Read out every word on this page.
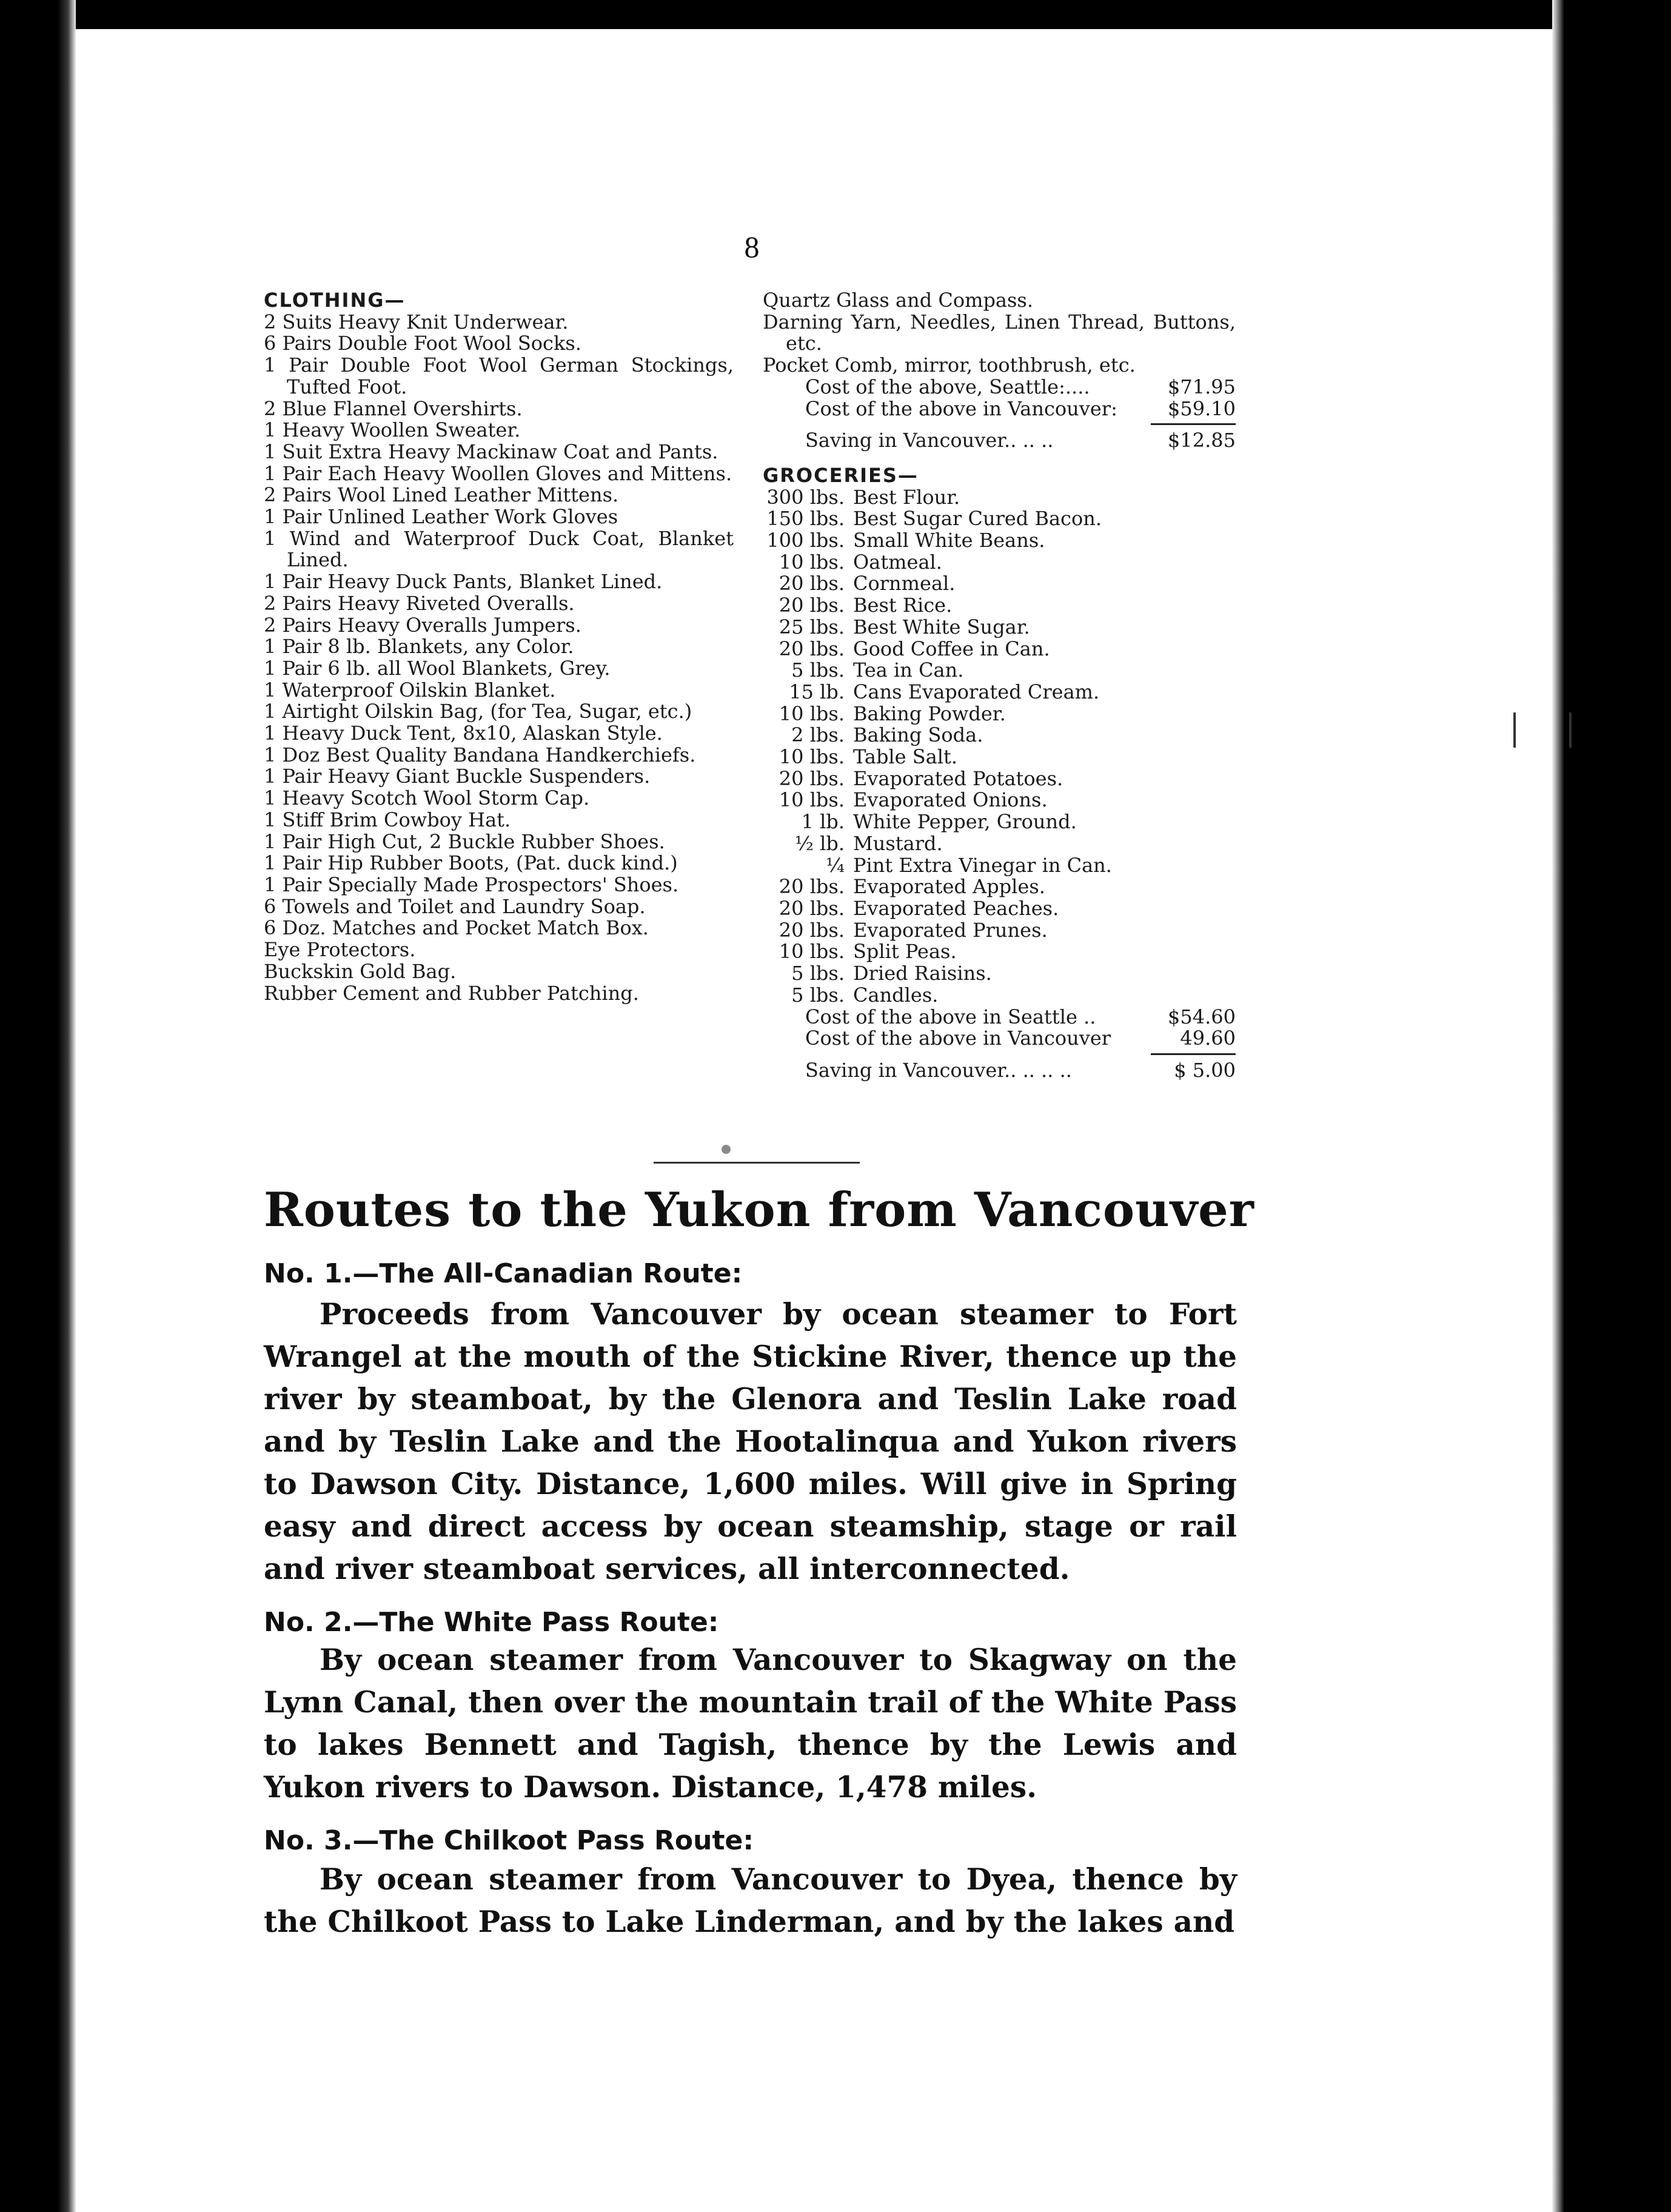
8
CLOTHING—
2 Suits Heavy Knit Underwear.
6 Pairs Double Foot Wool Socks.
1 Pair Double Foot Wool German Stockings, Tufted Foot.
2 Blue Flannel Overshirts.
1 Heavy Woollen Sweater.
1 Suit Extra Heavy Mackinaw Coat and Pants.
1 Pair Each Heavy Woollen Gloves and Mittens.
2 Pairs Wool Lined Leather Mittens.
1 Pair Unlined Leather Work Gloves
1 Wind and Waterproof Duck Coat, Blanket Lined.
1 Pair Heavy Duck Pants, Blanket Lined.
2 Pairs Heavy Riveted Overalls.
2 Pairs Heavy Overalls Jumpers.
1 Pair 8 lb. Blankets, any Color.
1 Pair 6 lb. all Wool Blankets, Grey.
1 Waterproof Oilskin Blanket.
1 Airtight Oilskin Bag, (for Tea, Sugar, etc.)
1 Heavy Duck Tent, 8x10, Alaskan Style.
1 Doz Best Quality Bandana Handkerchiefs.
1 Pair Heavy Giant Buckle Suspenders.
1 Heavy Scotch Wool Storm Cap.
1 Stiff Brim Cowboy Hat.
1 Pair High Cut, 2 Buckle Rubber Shoes.
1 Pair Hip Rubber Boots, (Pat. duck kind.)
1 Pair Specially Made Prospectors' Shoes.
6 Towels and Toilet and Laundry Soap.
6 Doz. Matches and Pocket Match Box.
Eye Protectors.
Buckskin Gold Bag.
Rubber Cement and Rubber Patching.
Quartz Glass and Compass.
Darning Yarn, Needles, Linen Thread, Buttons, etc.
Pocket Comb, mirror, toothbrush, etc.
Cost of the above, Seattle:....	$71.95
Cost of the above in Vancouver:	$59.10
Saving in Vancouver.. .. ..	$12.85
GROCERIES—
300 lbs. Best Flour.
150 lbs. Best Sugar Cured Bacon.
100 lbs. Small White Beans.
10 lbs. Oatmeal.
20 lbs. Cornmeal.
20 lbs. Best Rice.
25 lbs. Best White Sugar.
20 lbs. Good Coffee in Can.
5 lbs. Tea in Can.
15 lb. Cans Evaporated Cream.
10 lbs. Baking Powder.
2 lbs. Baking Soda.
10 lbs. Table Salt.
20 lbs. Evaporated Potatoes.
10 lbs. Evaporated Onions.
1 lb. White Pepper, Ground.
½ lb. Mustard.
¼ Pint Extra Vinegar in Can.
20 lbs. Evaporated Apples.
20 lbs. Evaporated Peaches.
20 lbs. Evaporated Prunes.
10 lbs. Split Peas.
5 lbs. Dried Raisins.
5 lbs. Candles.
Cost of the above in Seattle ..	$54.60
Cost of the above in Vancouver	49.60
Saving in Vancouver.. .. .. ..	$ 5.00
Routes to the Yukon from Vancouver
No. 1.—The All-Canadian Route:
Proceeds from Vancouver by ocean steamer to Fort Wrangel at the mouth of the Stickine River, thence up the river by steamboat, by the Glenora and Teslin Lake road and by Teslin Lake and the Hootalinqua and Yukon rivers to Dawson City. Distance, 1,600 miles. Will give in Spring easy and direct access by ocean steamship, stage or rail and river steamboat services, all interconnected.
No. 2.—The White Pass Route:
By ocean steamer from Vancouver to Skagway on the Lynn Canal, then over the mountain trail of the White Pass to lakes Bennett and Tagish, thence by the Lewis and Yukon rivers to Dawson. Distance, 1,478 miles.
No. 3.—The Chilkoot Pass Route:
By ocean steamer from Vancouver to Dyea, thence by the Chilkoot Pass to Lake Linderman, and by the lakes and
